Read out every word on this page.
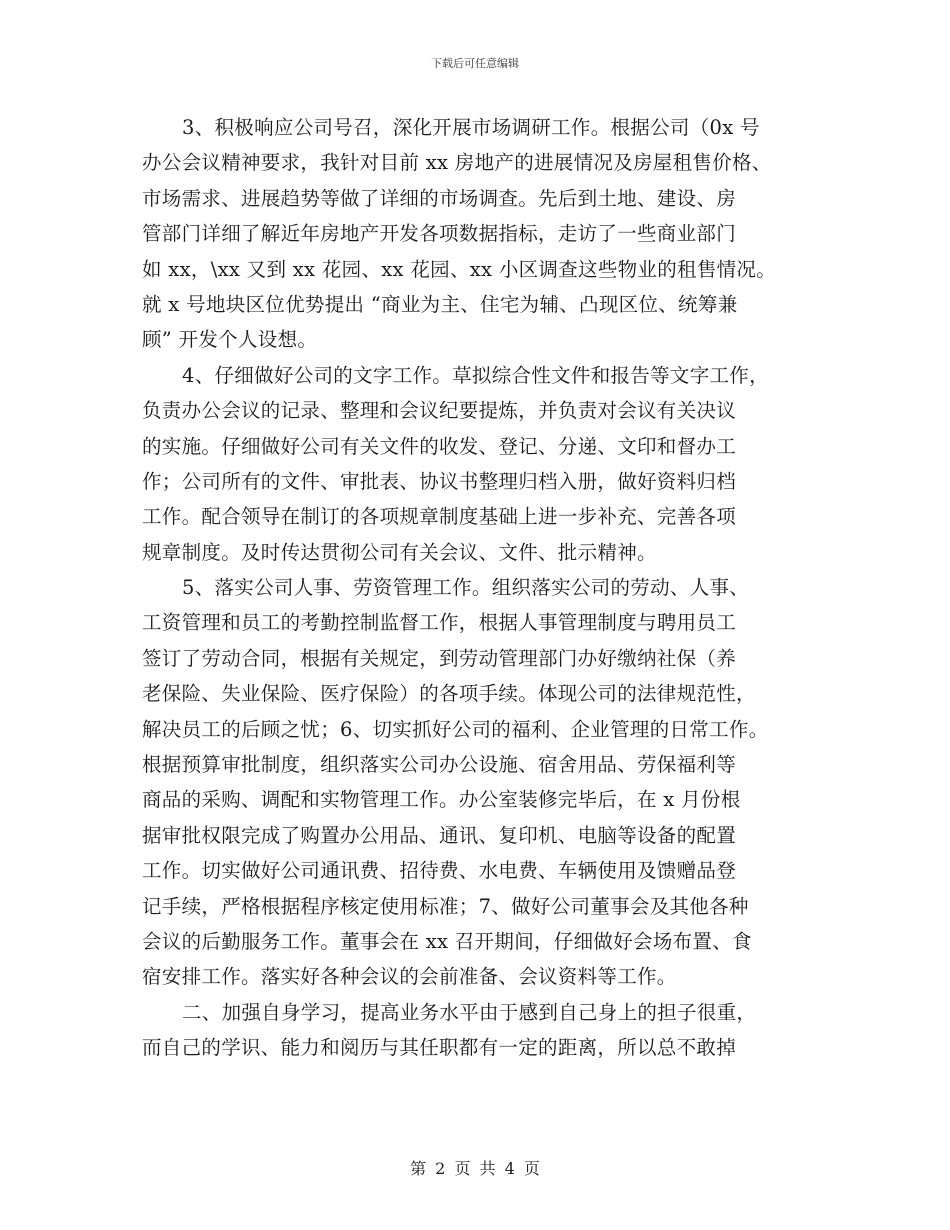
下载后可任意编辑
3、积极响应公司号召，深化开展市场调研工作。根据公司（0x 号
办公会议精神要求，我针对目前 xx 房地产的进展情况及房屋租售价格、
市场需求、进展趋势等做了详细的市场调查。先后到土地、建设、房
管部门详细了解近年房地产开发各项数据指标，走访了一些商业部门
如 xx，\xx 又到 xx 花园、xx 花园、xx 小区调查这些物业的租售情况。
就 x 号地块区位优势提出 “商业为主、住宅为辅、凸现区位、统筹兼
顾” 开发个人设想。
4、仔细做好公司的文字工作。草拟综合性文件和报告等文字工作，
负责办公会议的记录、整理和会议纪要提炼，并负责对会议有关决议
的实施。仔细做好公司有关文件的收发、登记、分递、文印和督办工
作；公司所有的文件、审批表、协议书整理归档入册，做好资料归档
工作。配合领导在制订的各项规章制度基础上进一步补充、完善各项
规章制度。及时传达贯彻公司有关会议、文件、批示精神。
5、落实公司人事、劳资管理工作。组织落实公司的劳动、人事、
工资管理和员工的考勤控制监督工作，根据人事管理制度与聘用员工
签订了劳动合同，根据有关规定，到劳动管理部门办好缴纳社保（养
老保险、失业保险、医疗保险）的各项手续。体现公司的法律规范性，
解决员工的后顾之忧；6、切实抓好公司的福利、企业管理的日常工作。
根据预算审批制度，组织落实公司办公设施、宿舍用品、劳保福利等
商品的采购、调配和实物管理工作。办公室装修完毕后，在 x 月份根
据审批权限完成了购置办公用品、通讯、复印机、电脑等设备的配置
工作。切实做好公司通讯费、招待费、水电费、车辆使用及馈赠品登
记手续，严格根据程序核定使用标准；7、做好公司董事会及其他各种
会议的后勤服务工作。董事会在 xx 召开期间，仔细做好会场布置、食
宿安排工作。落实好各种会议的会前准备、会议资料等工作。
二、加强自身学习，提高业务水平由于感到自己身上的担子很重，
而自己的学识、能力和阅历与其任职都有一定的距离，所以总不敢掉
第 2 页 共 4 页
